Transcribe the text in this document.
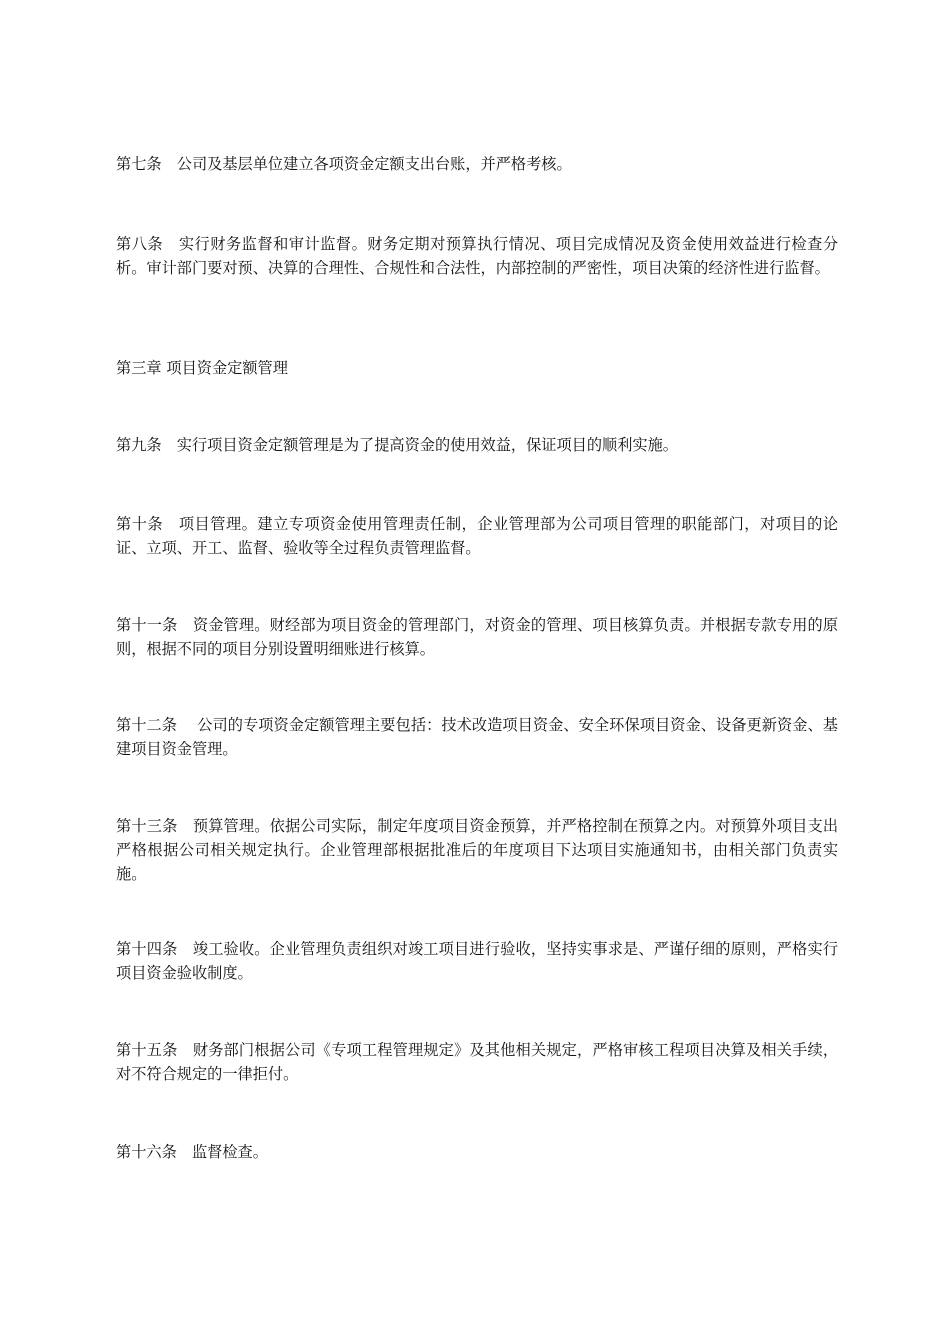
第七条　公司及基层单位建立各项资金定额支出台账，并严格考核。

第八条　实行财务监督和审计监督。财务定期对预算执行情况、项目完成情况及资金使用效益进行检查分析。审计部门要对预、决算的合理性、合规性和合法性，内部控制的严密性，项目决策的经济性进行监督。

第三章 项目资金定额管理

第九条　实行项目资金定额管理是为了提高资金的使用效益，保证项目的顺利实施。

第十条　项目管理。建立专项资金使用管理责任制，企业管理部为公司项目管理的职能部门，对项目的论证、立项、开工、监督、验收等全过程负责管理监督。

第十一条　资金管理。财经部为项目资金的管理部门，对资金的管理、项目核算负责。并根据专款专用的原则，根据不同的项目分别设置明细账进行核算。

第十二条　 公司的专项资金定额管理主要包括：技术改造项目资金、安全环保项目资金、设备更新资金、基建项目资金管理。

第十三条　预算管理。依据公司实际，制定年度项目资金预算，并严格控制在预算之内。对预算外项目支出严格根据公司相关规定执行。企业管理部根据批准后的年度项目下达项目实施通知书，由相关部门负责实施。

第十四条　竣工验收。企业管理负责组织对竣工项目进行验收，坚持实事求是、严谨仔细的原则，严格实行项目资金验收制度。

第十五条　财务部门根据公司《专项工程管理规定》及其他相关规定，严格审核工程项目决算及相关手续，对不符合规定的一律拒付。

第十六条　监督检查。
